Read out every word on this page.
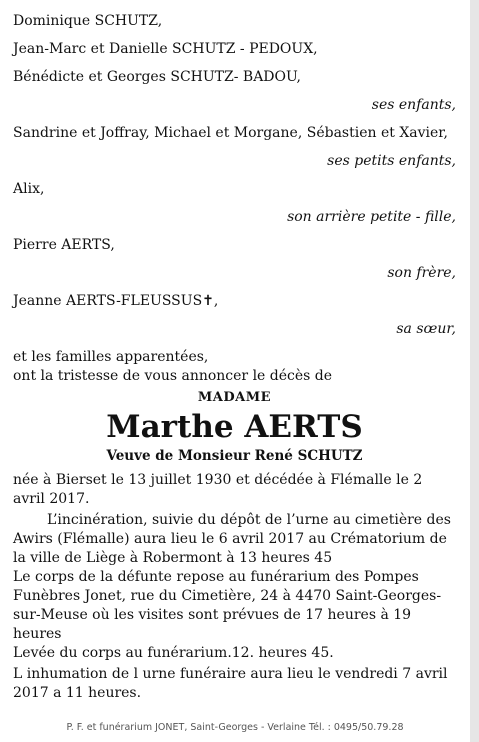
Dominique SCHUTZ,
Jean-Marc et Danielle SCHUTZ - PEDOUX,
Bénédicte et Georges SCHUTZ- BADOU,
ses enfants,
Sandrine et Joffray, Michael et Morgane, Sébastien et Xavier,
ses petits enfants,
Alix,
son arrière petite - fille,
Pierre AERTS,
son frère,
Jeanne AERTS-FLEUSSUS✝,
sa sœur,
et les familles apparentées,
ont la tristesse de vous annoncer le décès de
MADAME
Marthe AERTS
Veuve de Monsieur René SCHUTZ
née à Bierset le 13 juillet 1930 et décédée à Flémalle le 2 avril 2017.
L’incinération, suivie du dépôt de l’urne au cimetière des Awirs (Flémalle) aura lieu le 6 avril 2017 au Crématorium de la ville de Liège à Robermont à 13 heures 45
Le corps de la défunte repose au funérarium des Pompes Funèbres Jonet, rue du Cimetière, 24 à 4470 Saint-Georges-sur-Meuse où les visites sont prévues de 17 heures à 19 heures
Levée du corps au funérarium.12. heures 45.
L inhumation de l urne funéraire aura lieu le vendredi 7 avril 2017 a 11 heures.
P. F. et funérarium JONET, Saint-Georges - Verlaine Tél. : 0495/50.79.28
